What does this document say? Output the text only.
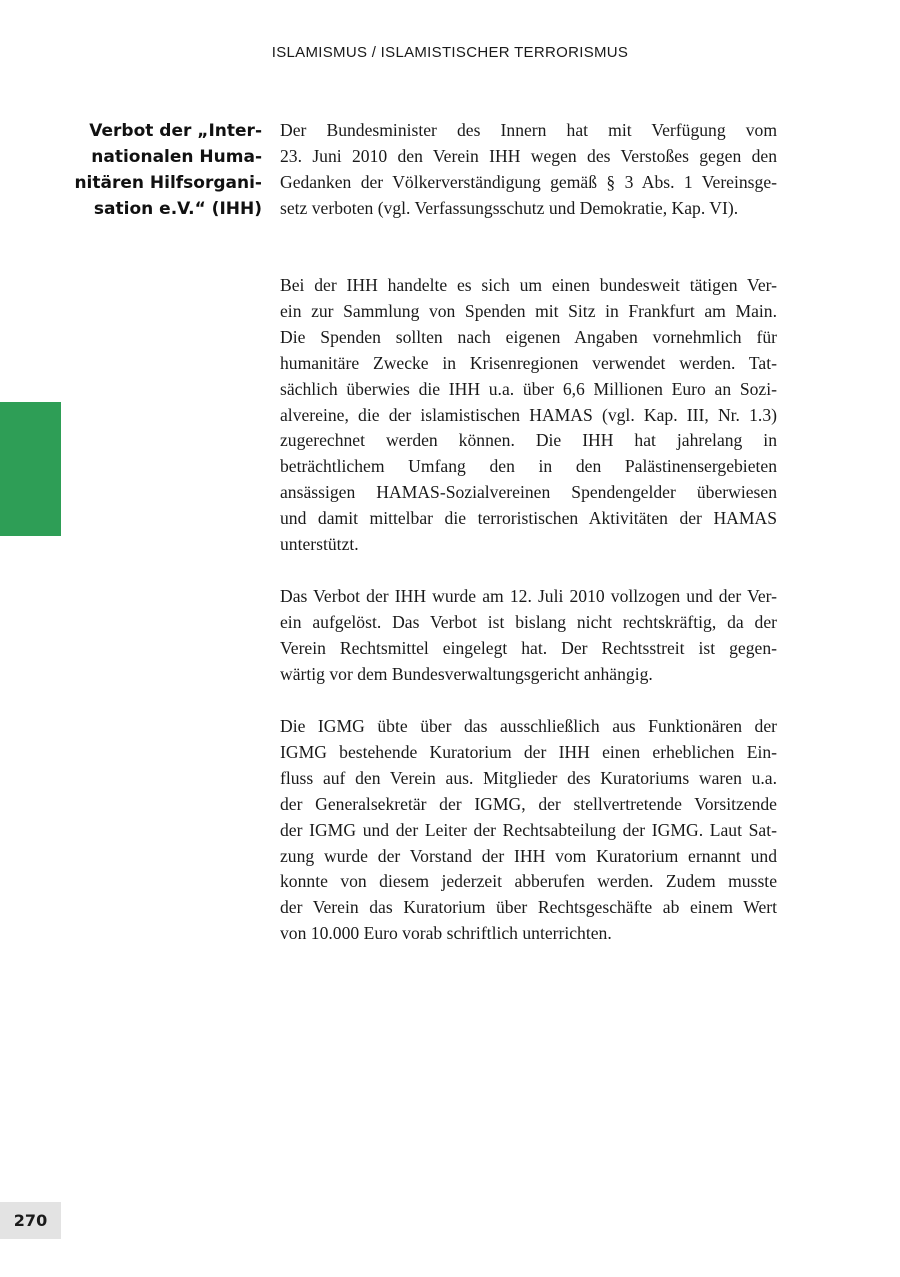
ISLAMISMUS / ISLAMISTISCHER TERRORISMUS
Verbot der „Inter-
nationalen Huma-
nitären Hilfsorgani-
sation e.V.“ (IHH)
Der Bundesminister des Innern hat mit Verfügung vom
23. Juni 2010 den Verein IHH wegen des Verstoßes gegen den
Gedanken der Völkerverständigung gemäß § 3 Abs. 1 Vereinsge-
setz verboten (vgl. Verfassungsschutz und Demokratie, Kap. VI).
Bei der IHH handelte es sich um einen bundesweit tätigen Ver-
ein zur Sammlung von Spenden mit Sitz in Frankfurt am Main.
Die Spenden sollten nach eigenen Angaben vornehmlich für
humanitäre Zwecke in Krisenregionen verwendet werden. Tat-
sächlich überwies die IHH u.a. über 6,6 Millionen Euro an Sozi-
alvereine, die der islamistischen HAMAS (vgl. Kap. III, Nr. 1.3)
zugerechnet werden können. Die IHH hat jahrelang in
beträchtlichem Umfang den in den Palästinensergebieten
ansässigen HAMAS-Sozialvereinen Spendengelder überwiesen
und damit mittelbar die terroristischen Aktivitäten der HAMAS
unterstützt.
Das Verbot der IHH wurde am 12. Juli 2010 vollzogen und der Ver-
ein aufgelöst. Das Verbot ist bislang nicht rechtskräftig, da der
Verein Rechtsmittel eingelegt hat. Der Rechtsstreit ist gegen-
wärtig vor dem Bundesverwaltungsgericht anhängig.
Die IGMG übte über das ausschließlich aus Funktionären der
IGMG bestehende Kuratorium der IHH einen erheblichen Ein-
fluss auf den Verein aus. Mitglieder des Kuratoriums waren u.a.
der Generalsekretär der IGMG, der stellvertretende Vorsitzende
der IGMG und der Leiter der Rechtsabteilung der IGMG. Laut Sat-
zung wurde der Vorstand der IHH vom Kuratorium ernannt und
konnte von diesem jederzeit abberufen werden. Zudem musste
der Verein das Kuratorium über Rechtsgeschäfte ab einem Wert
von 10.000 Euro vorab schriftlich unterrichten.
270
